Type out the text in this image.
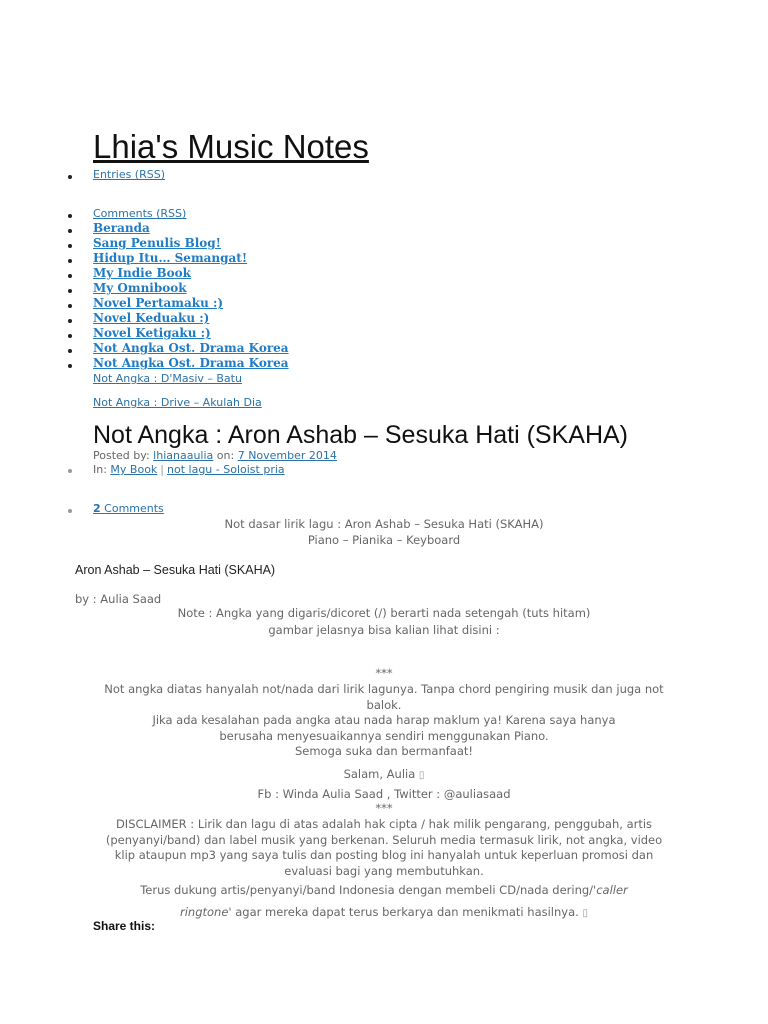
Lhia's Music Notes
Entries (RSS)
Comments (RSS)
Beranda
Sang Penulis Blog!
Hidup Itu… Semangat!
My Indie Book
My Omnibook
Novel Pertamaku :)
Novel Keduaku :)
Novel Ketigaku :)
Not Angka Ost. Drama Korea
Not Angka Ost. Drama Korea
Not Angka : D'Masiv – Batu
Not Angka : Drive – Akulah Dia
Not Angka : Aron Ashab – Sesuka Hati (SKAHA)
Posted by: lhianaaulia on: 7 November 2014
In: My Book | not lagu - Soloist pria
2 Comments
Not dasar lirik lagu : Aron Ashab – Sesuka Hati (SKAHA)
Piano – Pianika – Keyboard
Aron Ashab – Sesuka Hati (SKAHA)
by : Aulia Saad
Note : Angka yang digaris/dicoret (/) berarti nada setengah (tuts hitam)
gambar jelasnya bisa kalian lihat disini :
***
Not angka diatas hanyalah not/nada dari lirik lagunya. Tanpa chord pengiring musik dan juga not balok.
Jika ada kesalahan pada angka atau nada harap maklum ya! Karena saya hanya berusaha menyesuaikannya sendiri menggunakan Piano.
Semoga suka dan bermanfaat!
Salam, Aulia ▯
Fb : Winda Aulia Saad , Twitter : @auliasaad
***
DISCLAIMER : Lirik dan lagu di atas adalah hak cipta / hak milik pengarang, penggubah, artis (penyanyi/band) dan label musik yang berkenan. Seluruh media termasuk lirik, not angka, video klip ataupun mp3 yang saya tulis dan posting blog ini hanyalah untuk keperluan promosi dan evaluasi bagi yang membutuhkan.
Terus dukung artis/penyanyi/band Indonesia dengan membeli CD/nada dering/'caller ringtone' agar mereka dapat terus berkarya dan menikmati hasilnya. ▯
Share this:
